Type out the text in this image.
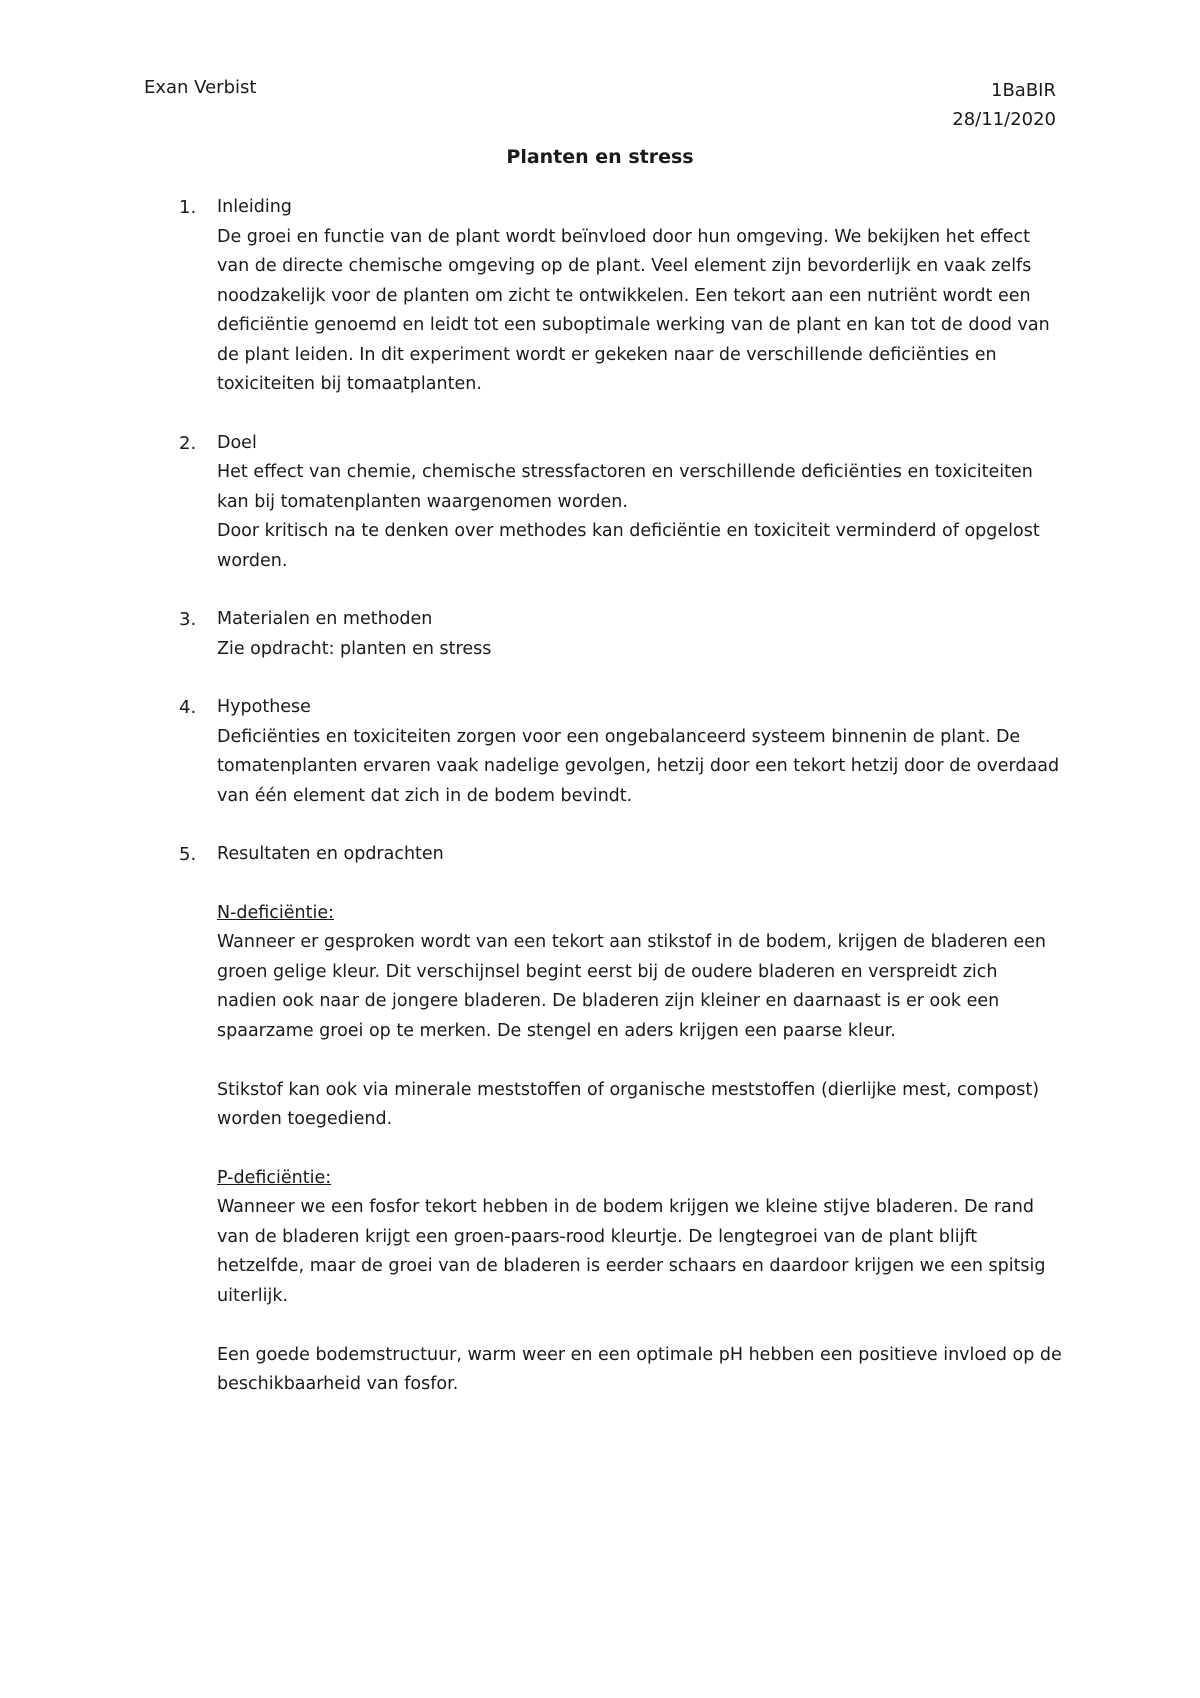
Exan Verbist	1BaBIR
28/11/2020
Planten en stress
1. Inleiding
De groei en functie van de plant wordt beïnvloed door hun omgeving. We bekijken het effect van de directe chemische omgeving op de plant. Veel element zijn bevorderlijk en vaak zelfs noodzakelijk voor de planten om zicht te ontwikkelen. Een tekort aan een nutriënt wordt een deficiëntie genoemd en leidt tot een suboptimale werking van de plant en kan tot de dood van de plant leiden. In dit experiment wordt er gekeken naar de verschillende deficiënties en toxiciteiten bij tomaatplanten.
2. Doel
Het effect van chemie, chemische stressfactoren en verschillende deficiënties en toxiciteiten kan bij tomatenplanten waargenomen worden.
Door kritisch na te denken over methodes kan deficiëntie en toxiciteit verminderd of opgelost worden.
3. Materialen en methoden
Zie opdracht: planten en stress
4. Hypothese
Deficiënties en toxiciteiten zorgen voor een ongebalanceerd systeem binnenin de plant. De tomatenplanten ervaren vaak nadelige gevolgen, hetzij door een tekort hetzij door de overdaad van één element dat zich in de bodem bevindt.
5. Resultaten en opdrachten
N-deficiëntie:
Wanneer er gesproken wordt van een tekort aan stikstof in de bodem, krijgen de bladeren een groen gelige kleur. Dit verschijnsel begint eerst bij de oudere bladeren en verspreidt zich nadien ook naar de jongere bladeren. De bladeren zijn kleiner en daarnaast is er ook een spaarzame groei op te merken. De stengel en aders krijgen een paarse kleur.
Stikstof kan ook via minerale meststoffen of organische meststoffen (dierlijke mest, compost) worden toegediend.
P-deficiëntie:
Wanneer we een fosfor tekort hebben in de bodem krijgen we kleine stijve bladeren. De rand van de bladeren krijgt een groen-paars-rood kleurtje. De lengtegroei van de plant blijft hetzelfde, maar de groei van de bladeren is eerder schaars en daardoor krijgen we een spitsig uiterlijk.
Een goede bodemstructuur, warm weer en een optimale pH hebben een positieve invloed op de beschikbaarheid van fosfor.
